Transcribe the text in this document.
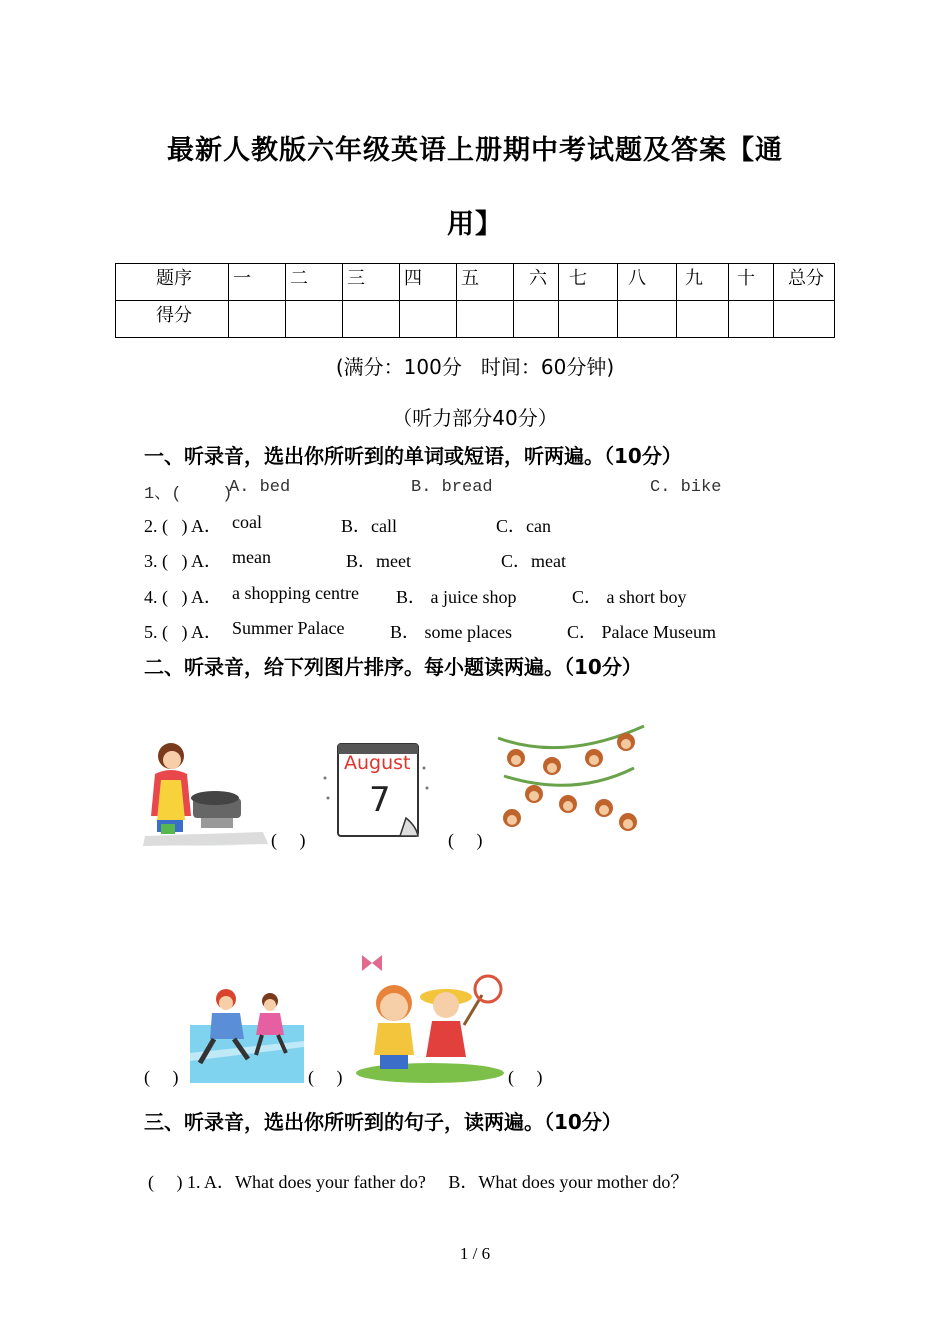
最新人教版六年级英语上册期中考试题及答案【通
用】
题序	一	二	三	四	五	六	七	八	九	十	总分
得分											
(满分：100分   时间：60分钟)
（听力部分40分）
一、听录音，选出你所听到的单词或短语，听两遍。（10分）
1、(    )
A. bed	B. bread	C. bike
2. (   ) A． coal	B．call	C．can
3. (   ) A． mean	B．meet	C．meat
4. (   ) A． a shopping centre B． a juice shop	C． a short boy
5. (   ) A． Summer Palace	B． some places	C． Palace Museum
二、听录音，给下列图片排序。每小题读两遍。（10分）
(     )
August
7
(     )
(     )	(     )	(     )
三、听录音，选出你所听到的句子，读两遍。（10分）
(     ) 1. A．What does your father do?     B．What does your mother do？
1 / 6
